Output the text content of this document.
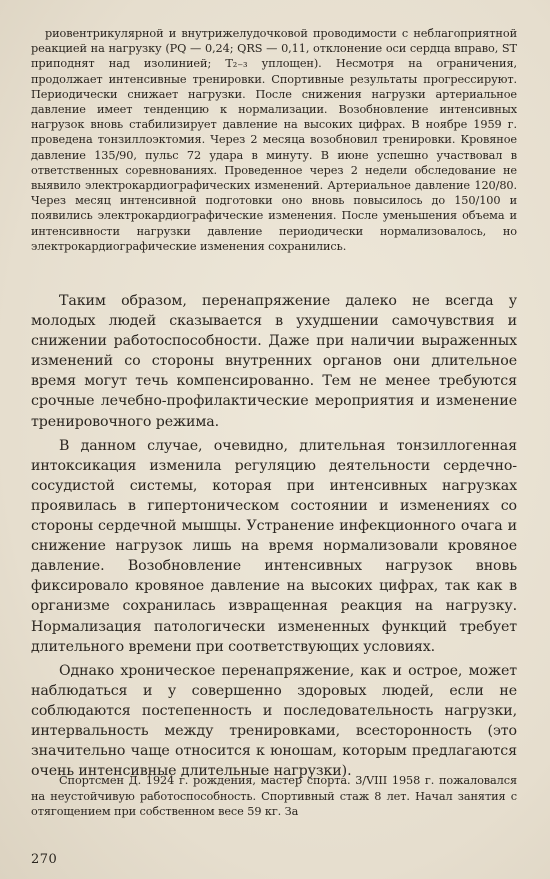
риовентрикулярной и внутрижелудочковой проводимости с неблагоприятной реакцией на нагрузку (PQ — 0,24; QRS — 0,11, отклонение оси сердца вправо, ST приподнят над изолинией; T₂₋₃ уплощен). Несмотря на ограничения, продолжает интенсивные тренировки. Спортивные результаты прогрессируют. Периодически снижает нагрузки. После снижения нагрузки артериальное давление имеет тенденцию к нормализации. Возобновление интенсивных нагрузок вновь стабилизирует давление на высоких цифрах. В ноябре 1959 г. проведена тонзиллоэктомия. Через 2 месяца возобновил тренировки. Кровяное давление 135/90, пульс 72 удара в минуту. В июне успешно участвовал в ответственных соревнованиях. Проведенное через 2 недели обследование не выявило электрокардиографических изменений. Артериальное давление 120/80. Через месяц интенсивной подготовки оно вновь повысилось до 150/100 и появились электрокардиографические изменения. После уменьшения объема и интенсивности нагрузки давление периодически нормализовалось, но электрокардиографические изменения сохранились.

Таким образом, перенапряжение далеко не всегда у молодых людей сказывается в ухудшении самочувствия и снижении работоспособности. Даже при наличии выраженных изменений со стороны внутренних органов они длительное время могут течь компенсированно. Тем не менее требуются срочные лечебно-профилактические мероприятия и изменение тренировочного режима.

В данном случае, очевидно, длительная тонзиллогенная интоксикация изменила регуляцию деятельности сердечно-сосудистой системы, которая при интенсивных нагрузках проявилась в гипертоническом состоянии и изменениях со стороны сердечной мышцы. Устранение инфекционного очага и снижение нагрузок лишь на время нормализовали кровяное давление. Возобновление интенсивных нагрузок вновь фиксировало кровяное давление на высоких цифрах, так как в организме сохранилась извращенная реакция на нагрузку. Нормализация патологически измененных функций требует длительного времени при соответствующих условиях.

Однако хроническое перенапряжение, как и острое, может наблюдаться и у совершенно здоровых людей, если не соблюдаются постепенность и последовательность нагрузки, интервальность между тренировками, всесторонность (это значительно чаще относится к юношам, которым предлагаются очень интенсивные длительные нагрузки).

Спортсмен Д. 1924 г. рождения, мастер спорта. 3/VIII 1958 г. пожаловался на неустойчивую работоспособность. Спортивный стаж 8 лет. Начал занятия с отягощением при собственном весе 59 кг. За

270
